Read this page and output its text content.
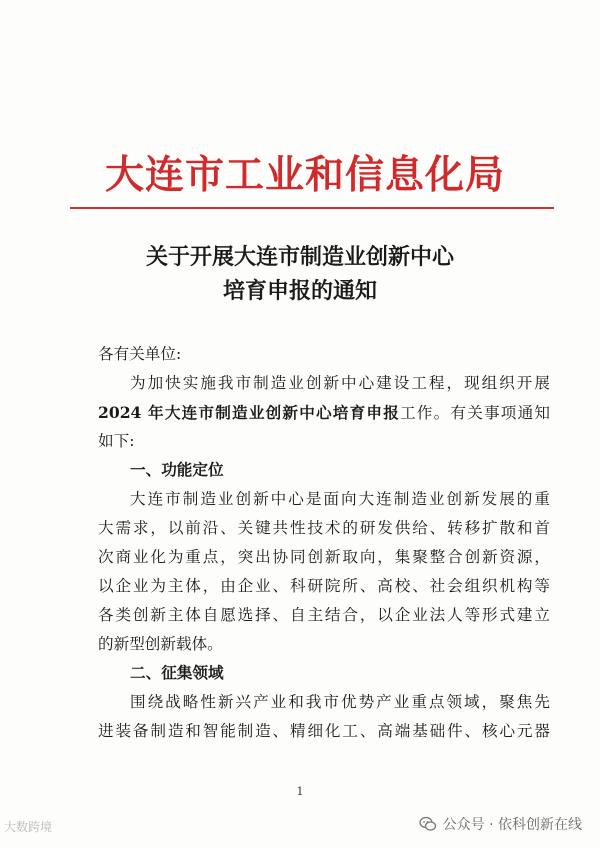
大连市工业和信息化局
关于开展大连市制造业创新中心
培育申报的通知
各有关单位:
为加快实施我市制造业创新中心建设工程，现组织开展
2024 年大连市制造业创新中心培育申报工作。有关事项通知
如下:
一、功能定位
大连市制造业创新中心是面向大连制造业创新发展的重
大需求，以前沿、关键共性技术的研发供给、转移扩散和首
次商业化为重点，突出协同创新取向，集聚整合创新资源，
以企业为主体，由企业、科研院所、高校、社会组织机构等
各类创新主体自愿选择、自主结合，以企业法人等形式建立
的新型创新载体。
二、征集领域
围绕战略性新兴产业和我市优势产业重点领域，聚焦先
进装备制造和智能制造、精细化工、高端基础件、核心元器
1
大数跨境	公众号 · 依科创新在线
